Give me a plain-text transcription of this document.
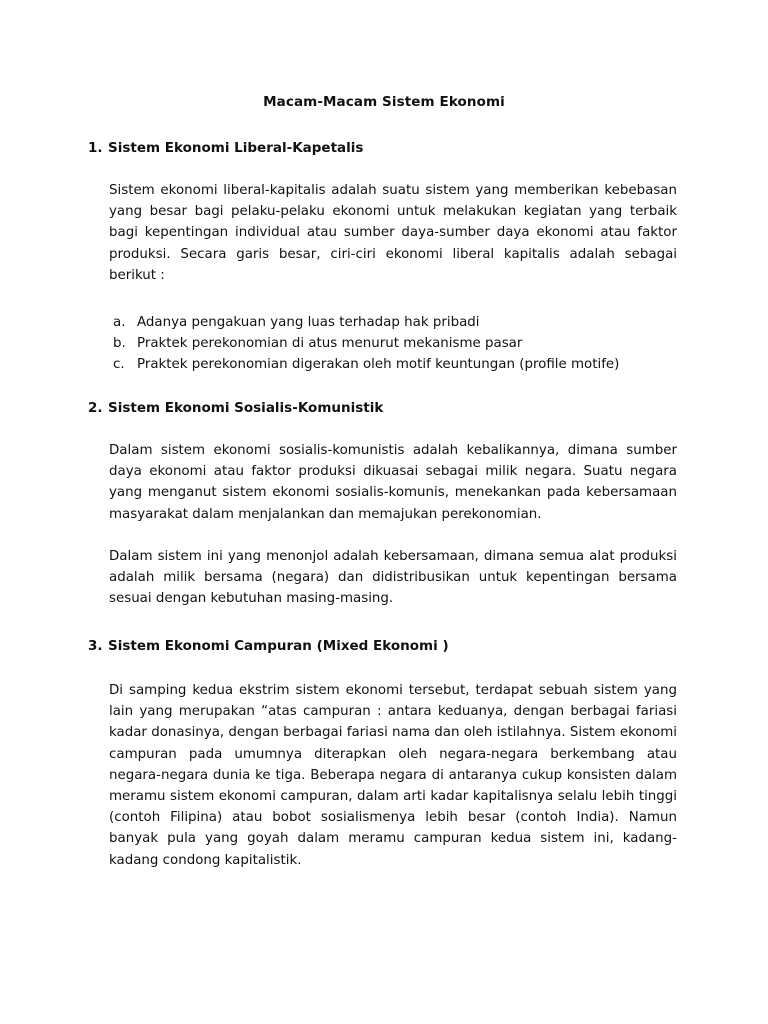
Macam-Macam Sistem Ekonomi
1. Sistem Ekonomi Liberal-Kapetalis

Sistem ekonomi liberal-kapitalis adalah suatu sistem yang memberikan kebebasan yang besar bagi pelaku-pelaku ekonomi untuk melakukan kegiatan yang terbaik bagi kepentingan individual atau sumber daya-sumber daya ekonomi atau faktor produksi. Secara garis besar, ciri-ciri ekonomi liberal kapitalis adalah sebagai berikut :

a. Adanya pengakuan yang luas terhadap hak pribadi
b. Praktek perekonomian di atus menurut mekanisme pasar
c. Praktek perekonomian digerakan oleh motif keuntungan (profile motife)
2. Sistem Ekonomi Sosialis-Komunistik

Dalam sistem ekonomi sosialis-komunistis adalah kebalikannya, dimana sumber daya ekonomi atau faktor produksi dikuasai sebagai milik negara. Suatu negara yang menganut sistem ekonomi sosialis-komunis, menekankan pada kebersamaan masyarakat dalam menjalankan dan memajukan perekonomian.

Dalam sistem ini yang menonjol adalah kebersamaan, dimana semua alat produksi adalah milik bersama (negara) dan didistribusikan untuk kepentingan bersama sesuai dengan kebutuhan masing-masing.

3. Sistem Ekonomi Campuran (Mixed Ekonomi )

Di samping kedua ekstrim sistem ekonomi tersebut, terdapat sebuah sistem yang lain yang merupakan “atas campuran : antara keduanya, dengan berbagai fariasi kadar donasinya, dengan berbagai fariasi nama dan oleh istilahnya. Sistem ekonomi campuran pada umumnya diterapkan oleh negara-negara berkembang atau negara-negara dunia ke tiga. Beberapa negara di antaranya cukup konsisten dalam meramu sistem ekonomi campuran, dalam arti kadar kapitalisnya selalu lebih tinggi (contoh Filipina) atau bobot sosialismenya lebih besar (contoh India). Namun banyak pula yang goyah dalam meramu campuran kedua sistem ini, kadang-kadang condong kapitalistik.
